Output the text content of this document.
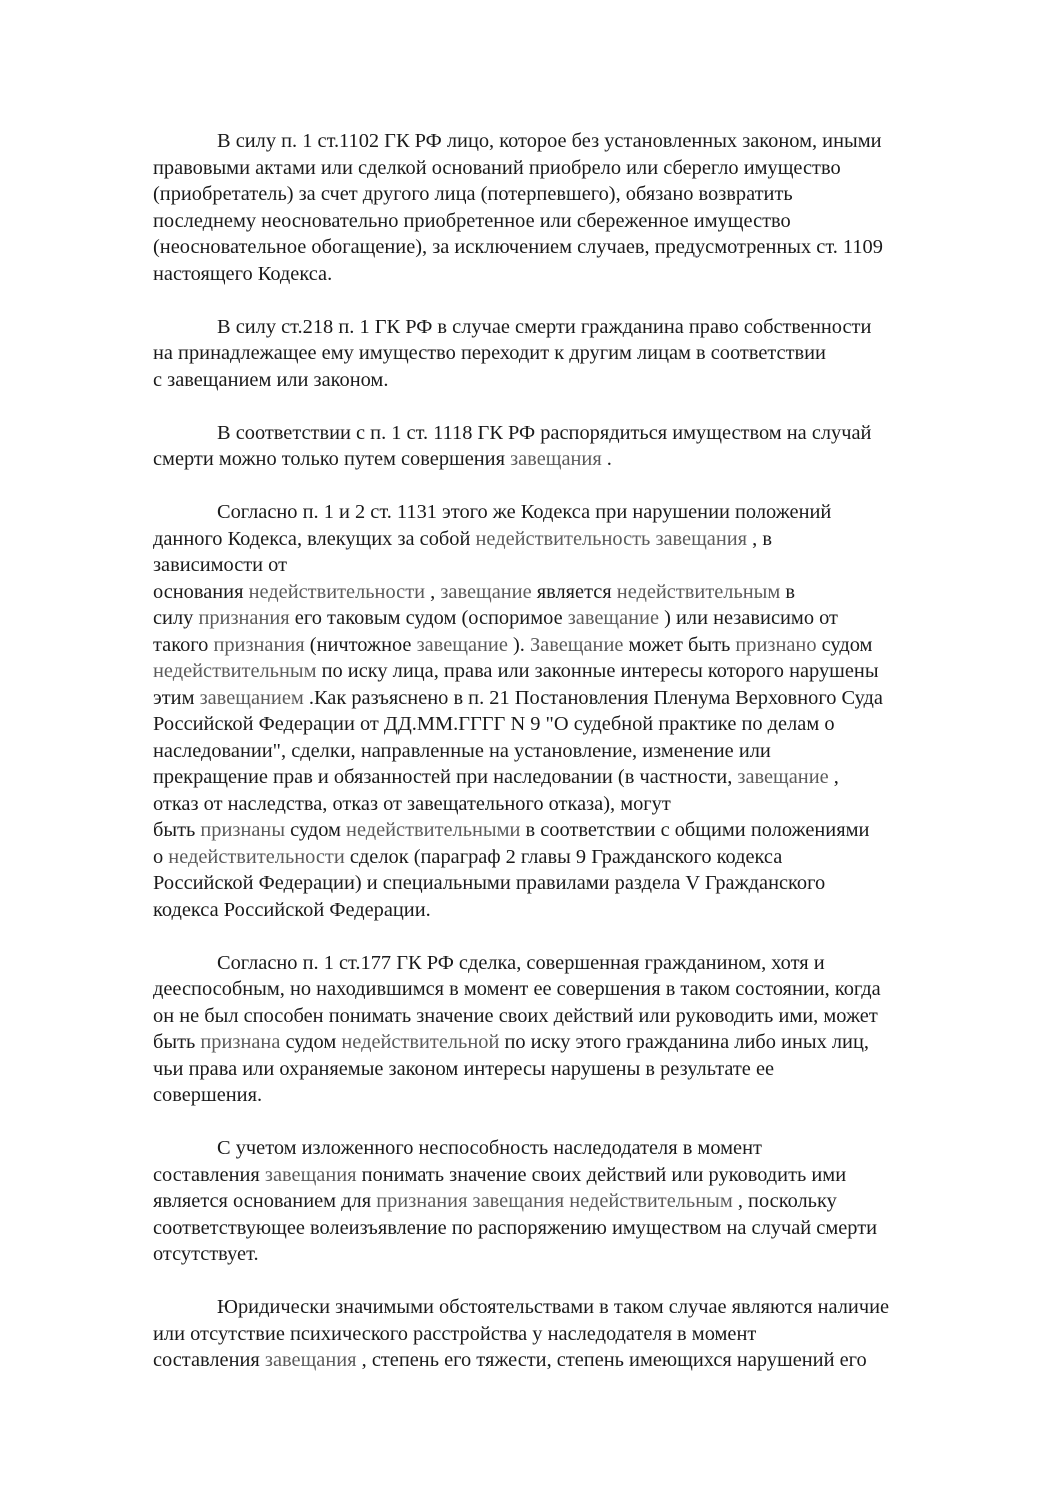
В силу п. 1 ст.1102 ГК РФ лицо, которое без установленных законом, иными
правовыми актами или сделкой оснований приобрело или сберегло имущество
(приобретатель) за счет другого лица (потерпевшего), обязано возвратить
последнему неосновательно приобретенное или сбереженное имущество
(неосновательное обогащение), за исключением случаев, предусмотренных ст. 1109
настоящего Кодекса.
В силу ст.218 п. 1 ГК РФ в случае смерти гражданина право собственности
на принадлежащее ему имущество переходит к другим лицам в соответствии
с завещанием или законом.
В соответствии с п. 1 ст. 1118 ГК РФ распорядиться имуществом на случай
смерти можно только путем совершения завещания .
Согласно п. 1 и 2 ст. 1131 этого же Кодекса при нарушении положений
данного Кодекса, влекущих за собой недействительность завещания , в
зависимости от
основания недействительности , завещание является недействительным в
силу признания его таковым судом (оспоримое завещание ) или независимо от
такого признания (ничтожное завещание ). Завещание может быть признано судом
недействительным по иску лица, права или законные интересы которого нарушены
этим завещанием .Как разъяснено в п. 21 Постановления Пленума Верховного Суда
Российской Федерации от ДД.ММ.ГГГГ N 9 "О судебной практике по делам о
наследовании", сделки, направленные на установление, изменение или
прекращение прав и обязанностей при наследовании (в частности, завещание ,
отказ от наследства, отказ от завещательного отказа), могут
быть признаны судом недействительными в соответствии с общими положениями
о недействительности сделок (параграф 2 главы 9 Гражданского кодекса
Российской Федерации) и специальными правилами раздела V Гражданского
кодекса Российской Федерации.
Согласно п. 1 ст.177 ГК РФ сделка, совершенная гражданином, хотя и
дееспособным, но находившимся в момент ее совершения в таком состоянии, когда
он не был способен понимать значение своих действий или руководить ими, может
быть признана судом недействительной по иску этого гражданина либо иных лиц,
чьи права или охраняемые законом интересы нарушены в результате ее
совершения.
С учетом изложенного неспособность наследодателя в момент
составления завещания понимать значение своих действий или руководить ими
является основанием для признания завещания недействительным , поскольку
соответствующее волеизъявление по распоряжению имуществом на случай смерти
отсутствует.
Юридически значимыми обстоятельствами в таком случае являются наличие
или отсутствие психического расстройства у наследодателя в момент
составления завещания , степень его тяжести, степень имеющихся нарушений его
